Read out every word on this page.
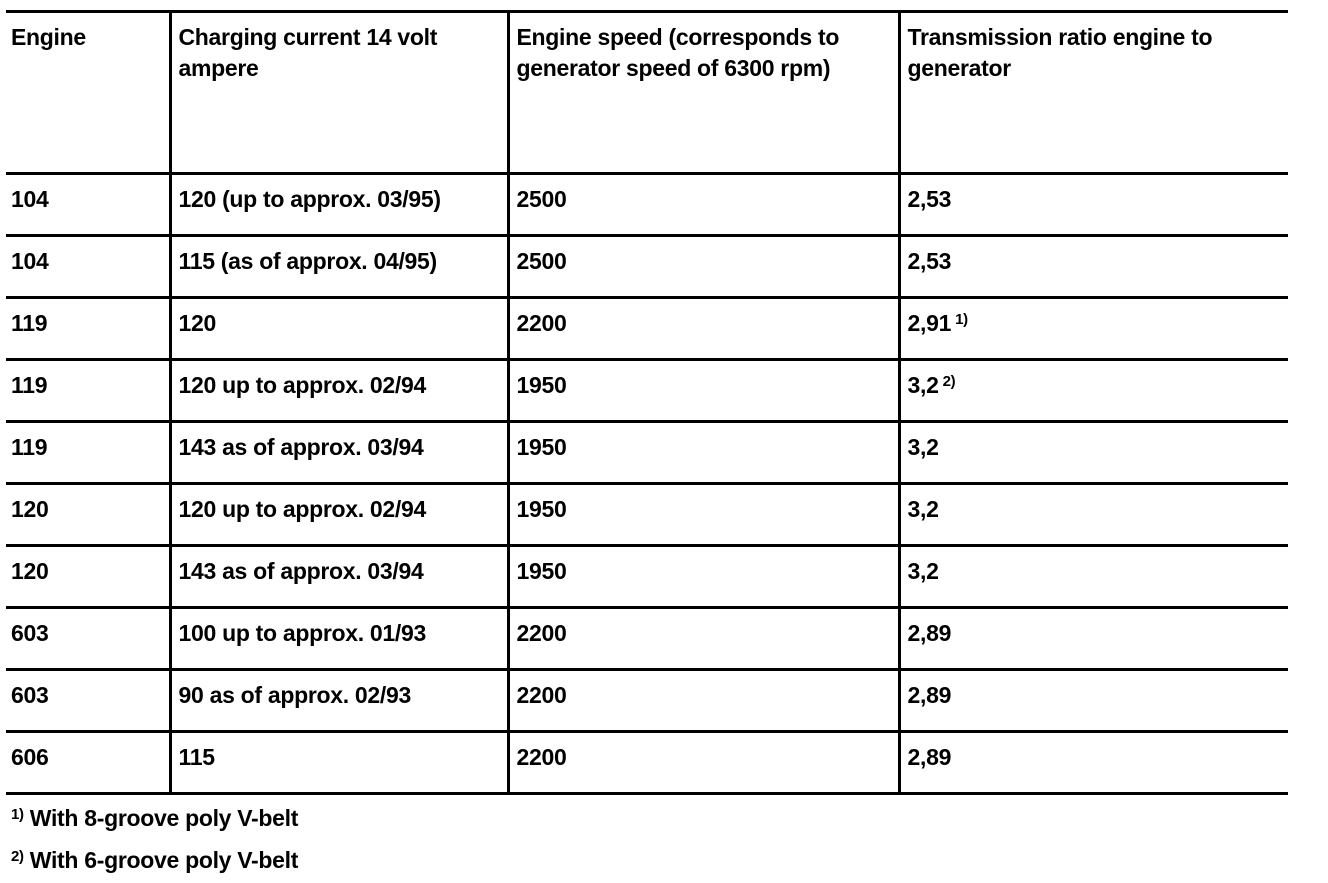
Engine	Charging current 14 volt ampere	Engine speed (corresponds to generator speed of 6300 rpm)	Transmission ratio engine to generator
104	120 (up to approx. 03/95)	2500	2,53
104	115 (as of approx. 04/95)	2500	2,53
119	120	2200	2,91 $^{1)}$
119	120 up to approx. 02/94	1950	3,2 $^{2)}$
119	143 as of approx. 03/94	1950	3,2
120	120 up to approx. 02/94	1950	3,2
120	143 as of approx. 03/94	1950	3,2
603	100 up to approx. 01/93	2200	2,89
603	90 as of approx. 02/93	2200	2,89
606	115	2200	2,89
$^{1)}$ With 8-groove poly V-belt
$^{2)}$ With 6-groove poly V-belt
